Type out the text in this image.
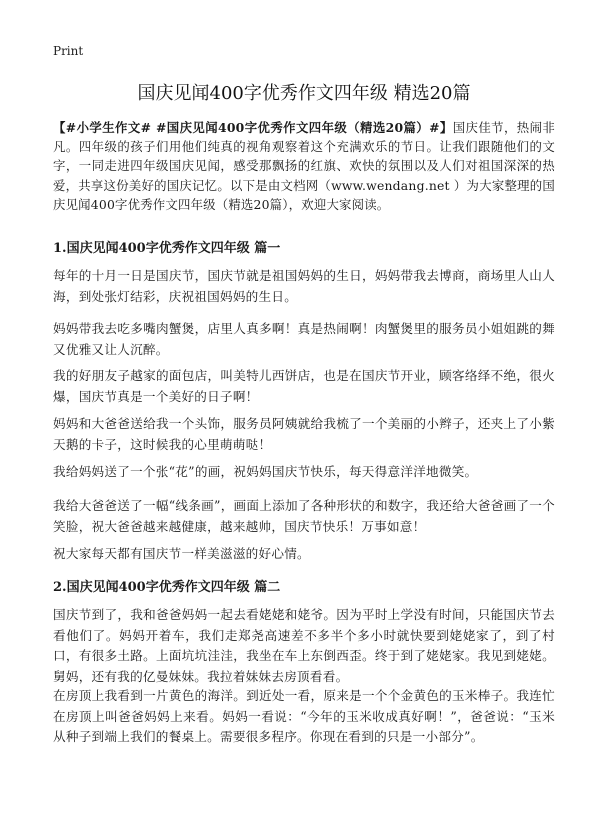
Print
国庆见闻400字优秀作文四年级 精选20篇
【#小学生作文# #国庆见闻400字优秀作文四年级（精选20篇）#】国庆佳节，热闹非凡。四年级的孩子们用他们纯真的视角观察着这个充满欢乐的节日。让我们跟随他们的文字，一同走进四年级国庆见闻，感受那飘扬的红旗、欢快的氛围以及人们对祖国深深的热爱，共享这份美好的国庆记忆。以下是由文档网（www.wendang.net ）为大家整理的国庆见闻400字优秀作文四年级（精选20篇），欢迎大家阅读。
1.国庆见闻400字优秀作文四年级 篇一
每年的十月一日是国庆节，国庆节就是祖国妈妈的生日，妈妈带我去博商，商场里人山人海，到处张灯结彩，庆祝祖国妈妈的生日。
妈妈带我去吃多嘴肉蟹煲，店里人真多啊！真是热闹啊！肉蟹煲里的服务员小姐姐跳的舞又优雅又让人沉醉。
我的好朋友子越家的面包店，叫美特儿西饼店，也是在国庆节开业，顾客络绎不绝，很火爆，国庆节真是一个美好的日子啊！
妈妈和大爸爸送给我一个头饰，服务员阿姨就给我梳了一个美丽的小辫子，还夹上了小紫天鹅的卡子，这时候我的心里萌萌哒！
我给妈妈送了一个张“花”的画，祝妈妈国庆节快乐，每天得意洋洋地微笑。
我给大爸爸送了一幅“线条画”，画面上添加了各种形状的和数字，我还给大爸爸画了一个笑脸，祝大爸爸越来越健康，越来越帅，国庆节快乐！万事如意！
祝大家每天都有国庆节一样美滋滋的好心情。
2.国庆见闻400字优秀作文四年级 篇二
国庆节到了，我和爸爸妈妈一起去看姥姥和姥爷。因为平时上学没有时间，只能国庆节去看他们了。妈妈开着车，我们走郑尧高速差不多半个多小时就快要到姥姥家了，到了村口，有很多土路。上面坑坑洼洼，我坐在车上东倒西歪。终于到了姥姥家。我见到姥姥。舅妈，还有我的亿曼妹妹。我拉着妹妹去房顶看看。
在房顶上我看到一片黄色的海洋。到近处一看，原来是一个个金黄色的玉米棒子。我连忙在房顶上叫爸爸妈妈上来看。妈妈一看说：“今年的玉米收成真好啊！”，爸爸说：“玉米从种子到端上我们的餐桌上。需要很多程序。你现在看到的只是一小部分”。
